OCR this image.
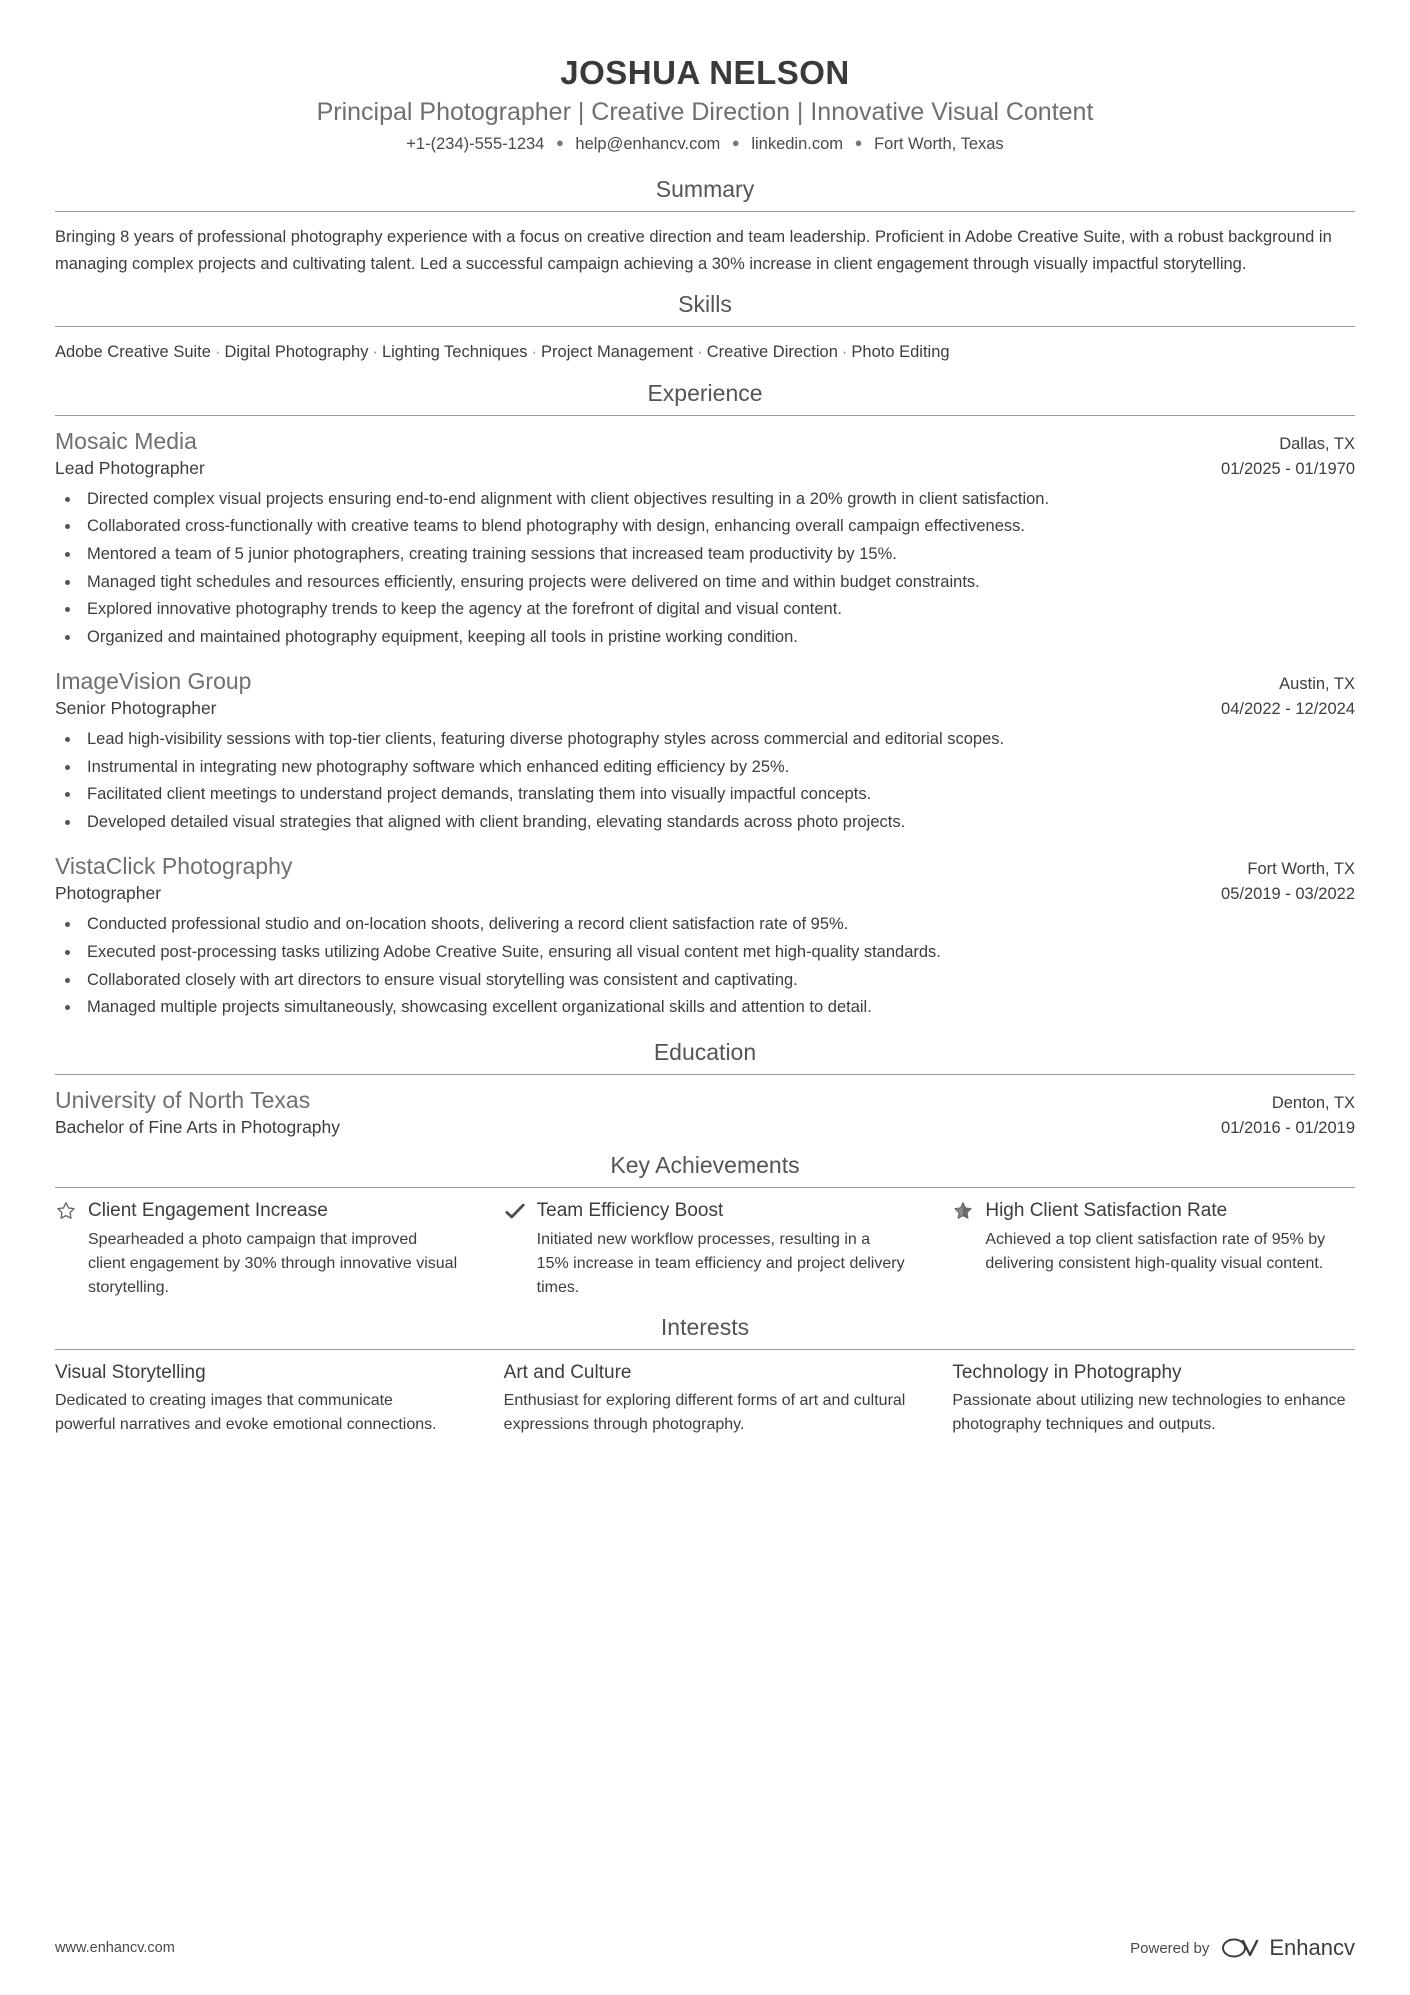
JOSHUA NELSON
Principal Photographer | Creative Direction | Innovative Visual Content
+1-(234)-555-1234 ● help@enhancv.com ● linkedin.com ● Fort Worth, Texas
Summary
Bringing 8 years of professional photography experience with a focus on creative direction and team leadership. Proficient in Adobe Creative Suite, with a robust background in managing complex projects and cultivating talent. Led a successful campaign achieving a 30% increase in client engagement through visually impactful storytelling.
Skills
Adobe Creative Suite · Digital Photography · Lighting Techniques · Project Management · Creative Direction · Photo Editing
Experience
Mosaic Media	Dallas, TX
Lead Photographer	01/2025 - 01/1970
• Directed complex visual projects ensuring end-to-end alignment with client objectives resulting in a 20% growth in client satisfaction.
• Collaborated cross-functionally with creative teams to blend photography with design, enhancing overall campaign effectiveness.
• Mentored a team of 5 junior photographers, creating training sessions that increased team productivity by 15%.
• Managed tight schedules and resources efficiently, ensuring projects were delivered on time and within budget constraints.
• Explored innovative photography trends to keep the agency at the forefront of digital and visual content.
• Organized and maintained photography equipment, keeping all tools in pristine working condition.
ImageVision Group	Austin, TX
Senior Photographer	04/2022 - 12/2024
• Lead high-visibility sessions with top-tier clients, featuring diverse photography styles across commercial and editorial scopes.
• Instrumental in integrating new photography software which enhanced editing efficiency by 25%.
• Facilitated client meetings to understand project demands, translating them into visually impactful concepts.
• Developed detailed visual strategies that aligned with client branding, elevating standards across photo projects.
VistaClick Photography	Fort Worth, TX
Photographer	05/2019 - 03/2022
• Conducted professional studio and on-location shoots, delivering a record client satisfaction rate of 95%.
• Executed post-processing tasks utilizing Adobe Creative Suite, ensuring all visual content met high-quality standards.
• Collaborated closely with art directors to ensure visual storytelling was consistent and captivating.
• Managed multiple projects simultaneously, showcasing excellent organizational skills and attention to detail.
Education
University of North Texas	Denton, TX
Bachelor of Fine Arts in Photography	01/2016 - 01/2019
Key Achievements
Client Engagement Increase
Spearheaded a photo campaign that improved client engagement by 30% through innovative visual storytelling.
Team Efficiency Boost
Initiated new workflow processes, resulting in a 15% increase in team efficiency and project delivery times.
High Client Satisfaction Rate
Achieved a top client satisfaction rate of 95% by delivering consistent high-quality visual content.
Interests
Visual Storytelling
Dedicated to creating images that communicate powerful narratives and evoke emotional connections.
Art and Culture
Enthusiast for exploring different forms of art and cultural expressions through photography.
Technology in Photography
Passionate about utilizing new technologies to enhance photography techniques and outputs.
www.enhancv.com	Powered by	Enhancv
